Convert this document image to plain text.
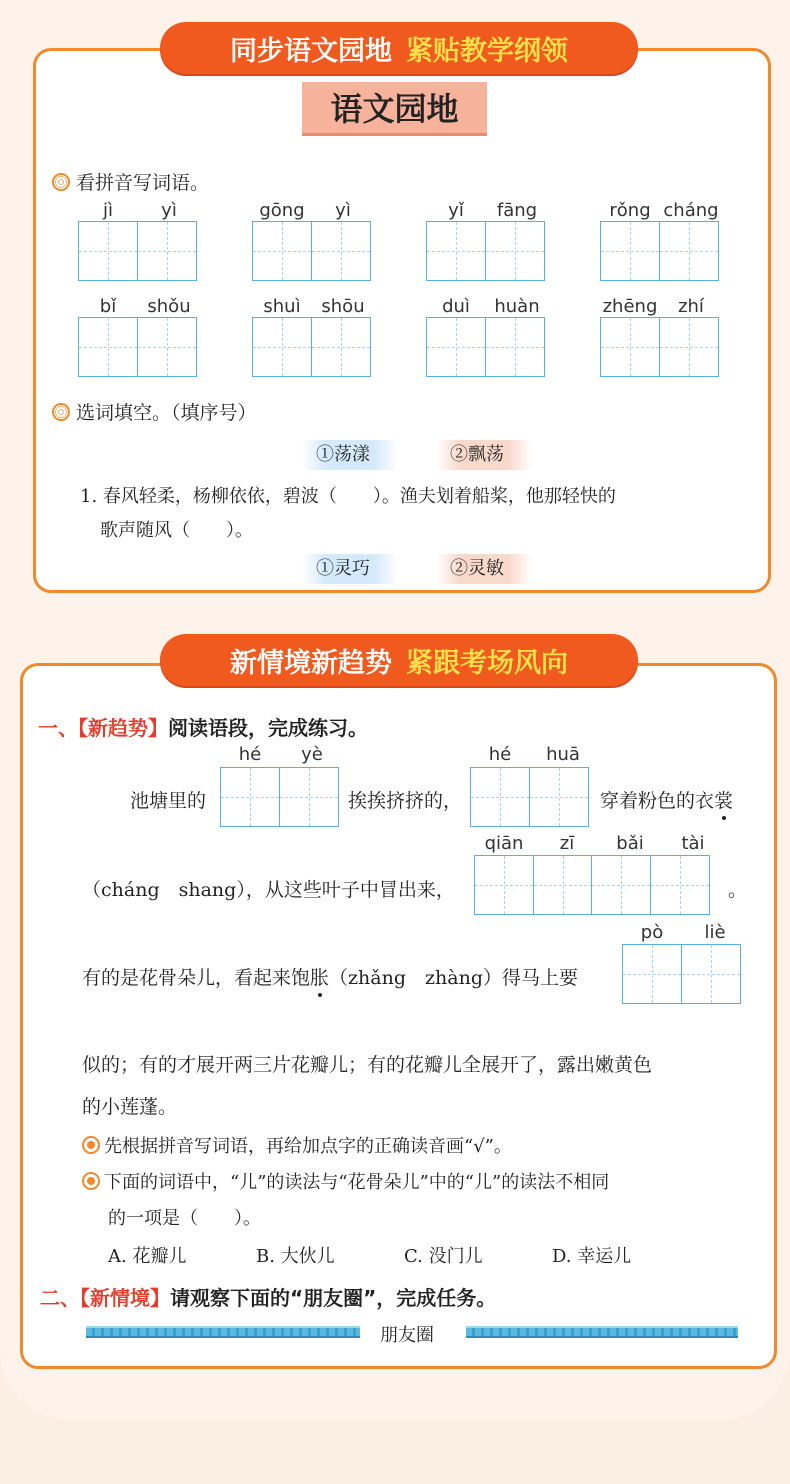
同步语文园地 紧贴教学纲领
语文园地
看拼音写词语。
jì	yì	gōng	yì	yǐ	fāng	rǒng cháng
bǐ	shǒu	shuì	shōu	duì	huàn	zhēng	zhí
选词填空。（填序号）
①荡漾	②飘荡
1. 春风轻柔，杨柳依依，碧波（　　）。渔夫划着船桨，他那轻快的
歌声随风（　　）。
①灵巧	②灵敏
新情境新趋势 紧跟考场风向
一、【新趋势】阅读语段，完成练习。
hé	yè
池塘里的	挨挨挤挤的，
hé	huā
穿着粉色的衣裳
（cháng　shang），从这些叶子中冒出来，
qiān	zī	bǎi	tài
。
有的是花骨朵儿，看起来饱胀（zhǎng　zhàng）得马上要
pò	liè
似的；有的才展开两三片花瓣儿；有的花瓣儿全展开了，露出嫩黄色
的小莲蓬。
先根据拼音写词语，再给加点字的正确读音画“√”。
下面的词语中，“儿”的读法与“花骨朵儿”中的“儿”的读法不相同
的一项是（　　）。
A. 花瓣儿	B. 大伙儿	C. 没门儿	D. 幸运儿
二、【新情境】请观察下面的“朋友圈”，完成任务。
朋友圈
